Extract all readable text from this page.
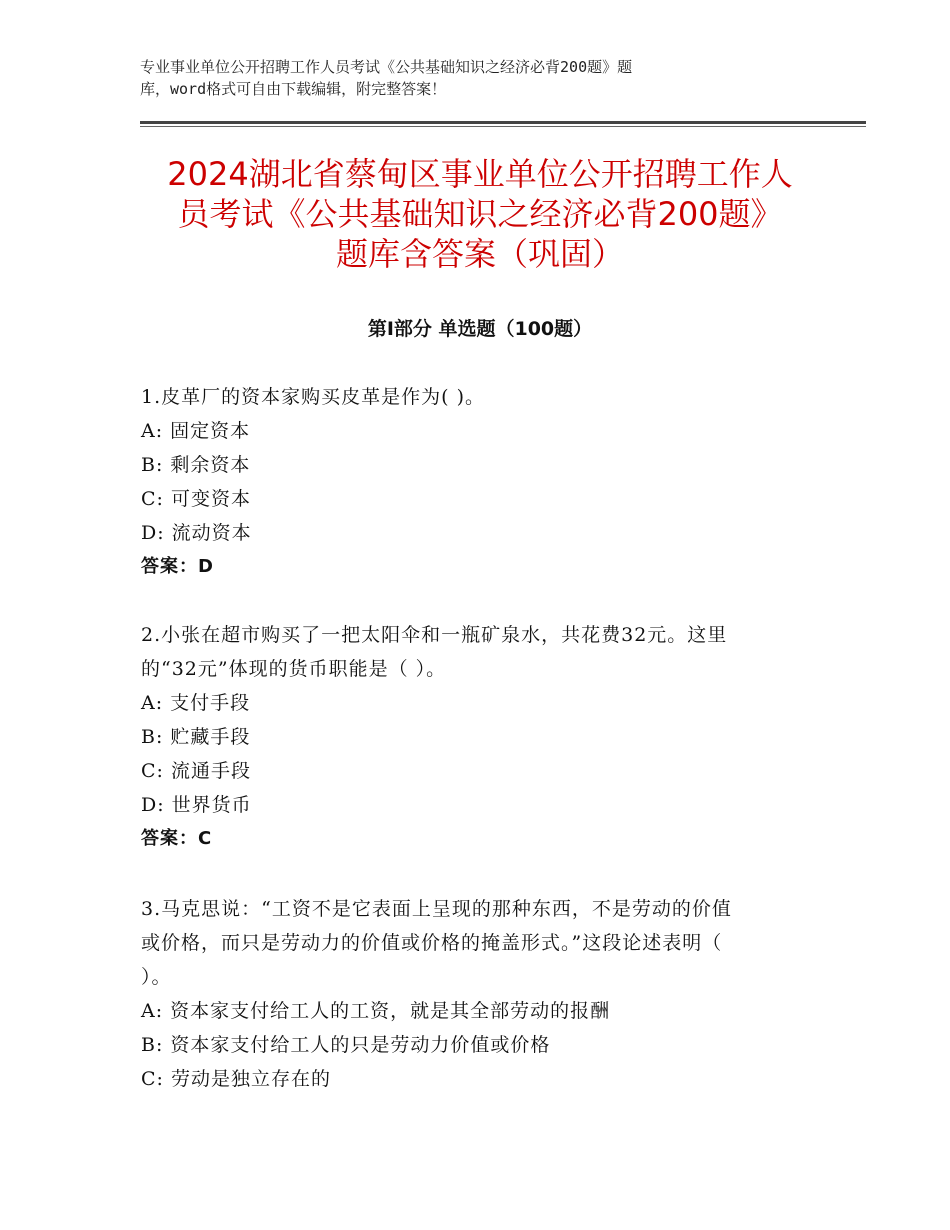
专业事业单位公开招聘工作人员考试《公共基础知识之经济必背200题》题
库，word格式可自由下载编辑，附完整答案！
2024湖北省蔡甸区事业单位公开招聘工作人
员考试《公共基础知识之经济必背200题》
题库含答案（巩固）
第Ⅰ部分 单选题（100题）
1.皮革厂的资本家购买皮革是作为( )。
A: 固定资本
B: 剩余资本
C: 可变资本
D: 流动资本
答案：D
2.小张在超市购买了一把太阳伞和一瓶矿泉水，共花费32元。这里
的“32元”体现的货币职能是（ ）。
A: 支付手段
B: 贮藏手段
C: 流通手段
D: 世界货币
答案：C
3.马克思说：“工资不是它表面上呈现的那种东西，不是劳动的价值
或价格，而只是劳动力的价值或价格的掩盖形式。”这段论述表明（
）。
A: 资本家支付给工人的工资，就是其全部劳动的报酬
B: 资本家支付给工人的只是劳动力价值或价格
C: 劳动是独立存在的
